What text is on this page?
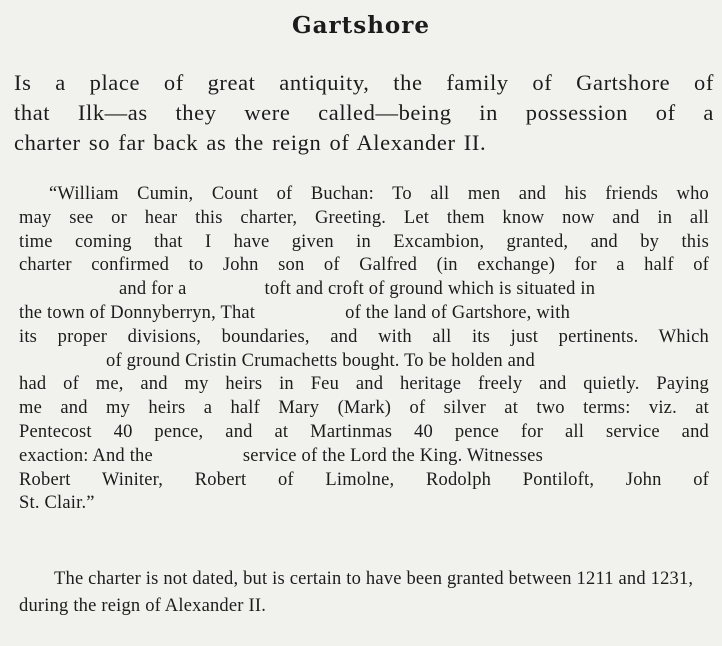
Gartshore
Is a place of great antiquity, the family of Gartshore of
that Ilk—as they were called—being in possession of a
charter so far back as the reign of Alexander II.
“William Cumin, Count of Buchan: To all men and his friends who
may see or hear this charter, Greeting. Let them know now and in all
time coming that I have given in Excambion, granted, and by this
charter confirmed to John son of Galfred (in exchange) for a half of
and for a	toft and croft of ground which is situated in
the town of Donnyberryn, That	of the land of Gartshore, with
its proper divisions, boundaries, and with all its just pertinents. Which
of ground Cristin Crumachetts bought. To be holden and
had of me, and my heirs in Feu and heritage freely and quietly. Paying
me and my heirs a half Mary (Mark) of silver at two terms: viz. at
Pentecost 40 pence, and at Martinmas 40 pence for all service and
exaction: And the	service of the Lord the King. Witnesses
Robert Winiter, Robert of Limolne, Rodolph Pontiloft, John of
St. Clair.”
The charter is not dated, but is certain to have been granted between 1211 and 1231, during the reign of Alexander II.
